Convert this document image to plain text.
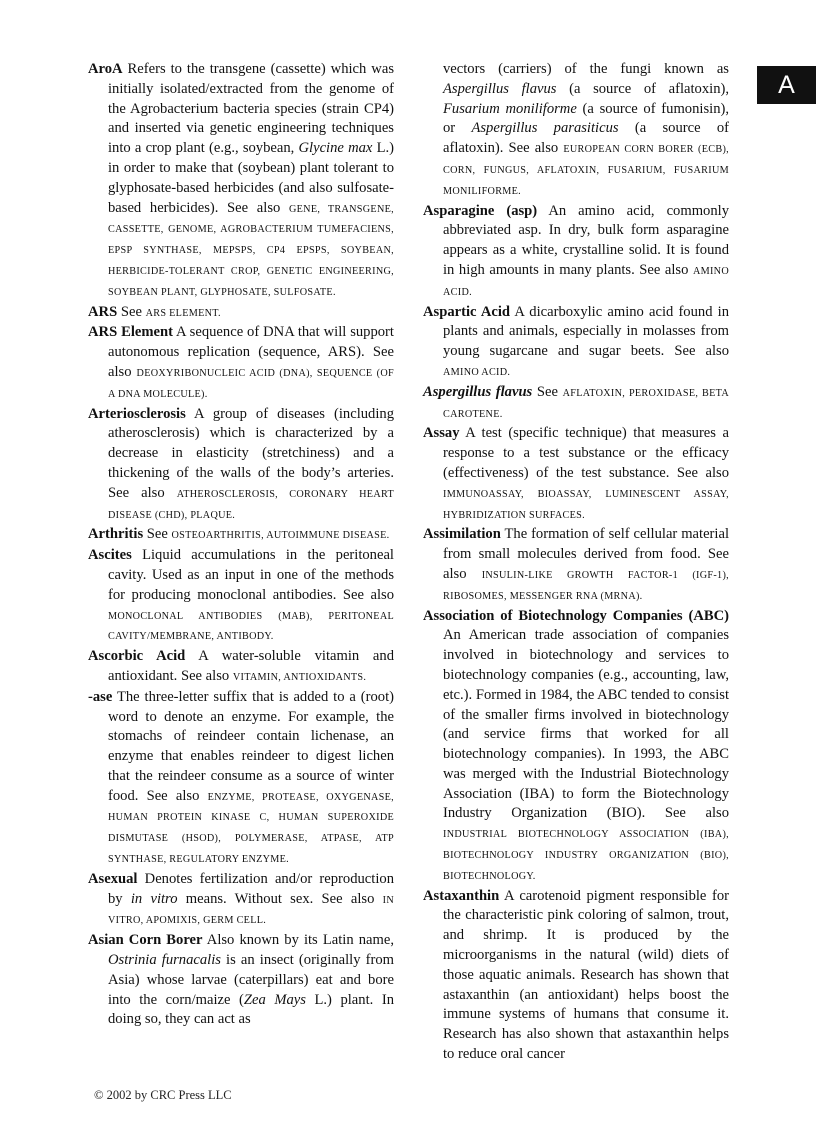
A

AroA Refers to the transgene (cassette) which was initially isolated/extracted from the genome of the Agrobacterium bacteria species (strain CP4) and inserted via genetic engineering techniques into a crop plant (e.g., soybean, Glycine max L.) in order to make that (soybean) plant tolerant to glyphosate-based herbicides (and also sulfosate-based herbicides). See also GENE, TRANSGENE, CASSETTE, GENOME, AGROBACTERIUM TUMEFACIENS, EPSP SYNTHASE, MEPSPS, CP4 EPSPS, SOYBEAN, HERBICIDE-TOLERANT CROP, GENETIC ENGINEERING, SOYBEAN PLANT, GLYPHOSATE, SULFOSATE.

ARS See ARS ELEMENT.

ARS Element A sequence of DNA that will support autonomous replication (sequence, ARS). See also DEOXYRIBONUCLEIC ACID (DNA), SEQUENCE (OF A DNA MOLECULE).

Arteriosclerosis A group of diseases (including atherosclerosis) which is characterized by a decrease in elasticity (stretchiness) and a thickening of the walls of the body’s arteries. See also ATHEROSCLEROSIS, CORONARY HEART DISEASE (CHD), PLAQUE.

Arthritis See OSTEOARTHRITIS, AUTOIMMUNE DISEASE.

Ascites Liquid accumulations in the peritoneal cavity. Used as an input in one of the methods for producing monoclonal antibodies. See also MONOCLONAL ANTIBODIES (MAB), PERITONEAL CAVITY/MEMBRANE, ANTIBODY.

Ascorbic Acid A water-soluble vitamin and antioxidant. See also VITAMIN, ANTIOXIDANTS.

-ase The three-letter suffix that is added to a (root) word to denote an enzyme. For example, the stomachs of reindeer contain lichenase, an enzyme that enables reindeer to digest lichen that the reindeer consume as a source of winter food. See also ENZYME, PROTEASE, OXYGENASE, HUMAN PROTEIN KINASE C, HUMAN SUPEROXIDE DISMUTASE (HSOD), POLYMERASE, ATPASE, ATP SYNTHASE, REGULATORY ENZYME.

Asexual Denotes fertilization and/or reproduction by in vitro means. Without sex. See also IN VITRO, APOMIXIS, GERM CELL.

Asian Corn Borer Also known by its Latin name, Ostrinia furnacalis is an insect (originally from Asia) whose larvae (caterpillars) eat and bore into the corn/maize (Zea Mays L.) plant. In doing so, they can act as

vectors (carriers) of the fungi known as Aspergillus flavus (a source of aflatoxin), Fusarium moniliforme (a source of fumonisin), or Aspergillus parasiticus (a source of aflatoxin). See also EUROPEAN CORN BORER (ECB), CORN, FUNGUS, AFLATOXIN, FUSARIUM, FUSARIUM MONILIFORME.

Asparagine (asp) An amino acid, commonly abbreviated asp. In dry, bulk form asparagine appears as a white, crystalline solid. It is found in high amounts in many plants. See also AMINO ACID.

Aspartic Acid A dicarboxylic amino acid found in plants and animals, especially in molasses from young sugarcane and sugar beets. See also AMINO ACID.

Aspergillus flavus See AFLATOXIN, PEROXIDASE, BETA CAROTENE.

Assay A test (specific technique) that measures a response to a test substance or the efficacy (effectiveness) of the test substance. See also IMMUNOASSAY, BIOASSAY, LUMINESCENT ASSAY, HYBRIDIZATION SURFACES.

Assimilation The formation of self cellular material from small molecules derived from food. See also INSULIN-LIKE GROWTH FACTOR-1 (IGF-1), RIBOSOMES, MESSENGER RNA (MRNA).

Association of Biotechnology Companies (ABC) An American trade association of companies involved in biotechnology and services to biotechnology companies (e.g., accounting, law, etc.). Formed in 1984, the ABC tended to consist of the smaller firms involved in biotechnology (and service firms that worked for all biotechnology companies). In 1993, the ABC was merged with the Industrial Biotechnology Association (IBA) to form the Biotechnology Industry Organization (BIO). See also INDUSTRIAL BIOTECHNOLOGY ASSOCIATION (IBA), BIOTECHNOLOGY INDUSTRY ORGANIZATION (BIO), BIOTECHNOLOGY.

Astaxanthin A carotenoid pigment responsible for the characteristic pink coloring of salmon, trout, and shrimp. It is produced by the microorganisms in the natural (wild) diets of those aquatic animals. Research has shown that astaxanthin (an antioxidant) helps boost the immune systems of humans that consume it. Research has also shown that astaxanthin helps to reduce oral cancer

© 2002 by CRC Press LLC
